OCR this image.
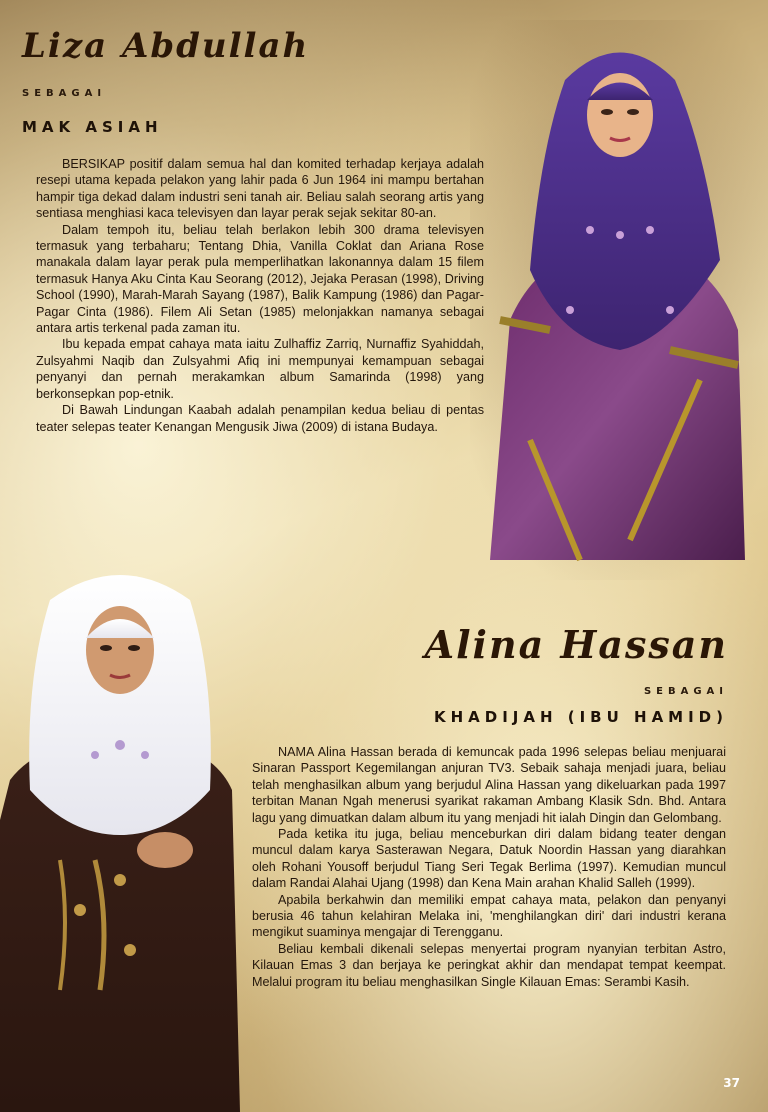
Liza Abdullah
SEBAGAI
MAK ASIAH

BERSIKAP positif dalam semua hal dan komited terhadap kerjaya adalah resepi utama kepada pelakon yang lahir pada 6 Jun 1964 ini mampu bertahan hampir tiga dekad dalam industri seni tanah air. Beliau salah seorang artis yang sentiasa menghiasi kaca televisyen dan layar perak sejak sekitar 80-an.

Dalam tempoh itu, beliau telah berlakon lebih 300 drama televisyen termasuk yang terbaharu; Tentang Dhia, Vanilla Coklat dan Ariana Rose manakala dalam layar perak pula memperlihatkan lakonannya dalam 15 filem termasuk Hanya Aku Cinta Kau Seorang (2012), Jejaka Perasan (1998), Driving School (1990), Marah-Marah Sayang (1987), Balik Kampung (1986) dan Pagar-Pagar Cinta (1986). Filem Ali Setan (1985) melonjakkan namanya sebagai antara artis terkenal pada zaman itu.

Ibu kepada empat cahaya mata iaitu Zulhaffiz Zarriq, Nurnaffiz Syahiddah, Zulsyahmi Naqib dan Zulsyahmi Afiq ini mempunyai kemampuan sebagai penyanyi dan pernah merakamkan album Samarinda (1998) yang berkonsepkan pop-etnik.

Di Bawah Lindungan Kaabah adalah penampilan kedua beliau di pentas teater selepas teater Kenangan Mengusik Jiwa (2009) di istana Budaya.

Alina Hassan
SEBAGAI
KHADIJAH (IBU HAMID)

NAMA Alina Hassan berada di kemuncak pada 1996 selepas beliau menjuarai Sinaran Passport Kegemilangan anjuran TV3. Sebaik sahaja menjadi juara, beliau telah menghasilkan album yang berjudul Alina Hassan yang dikeluarkan pada 1997 terbitan Manan Ngah menerusi syarikat rakaman Ambang Klasik Sdn. Bhd. Antara lagu yang dimuatkan dalam album itu yang menjadi hit ialah Dingin dan Gelombang.

Pada ketika itu juga, beliau menceburkan diri dalam bidang teater dengan muncul dalam karya Sasterawan Negara, Datuk Noordin Hassan yang diarahkan oleh Rohani Yousoff berjudul Tiang Seri Tegak Berlima (1997). Kemudian muncul dalam Randai Alahai Ujang (1998) dan Kena Main arahan Khalid Salleh (1999).

Apabila berkahwin dan memiliki empat cahaya mata, pelakon dan penyanyi berusia 46 tahun kelahiran Melaka ini, 'menghilangkan diri' dari industri kerana mengikut suaminya mengajar di Terengganu.

Beliau kembali dikenali selepas menyertai program nyanyian terbitan Astro, Kilauan Emas 3 dan berjaya ke peringkat akhir dan mendapat tempat keempat. Melalui program itu beliau menghasilkan Single Kilauan Emas: Serambi Kasih.

37
